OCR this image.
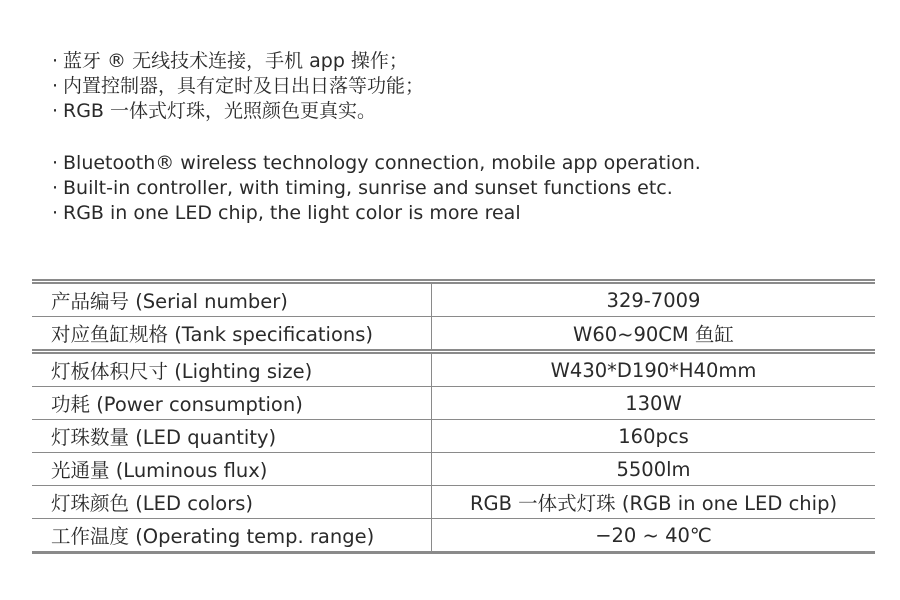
· 蓝牙 ® 无线技术连接，手机 app 操作；
· 内置控制器，具有定时及日出日落等功能；
· RGB 一体式灯珠，光照颜色更真实。
· Bluetooth® wireless technology connection, mobile app operation.
· Built-in controller, with timing, sunrise and sunset functions etc.
· RGB in one LED chip, the light color is more real
产品编号 (Serial number)	329-7009
对应鱼缸规格 (Tank specifications)	W60~90CM 鱼缸
灯板体积尺寸 (Lighting size)	W430*D190*H40mm
功耗 (Power consumption)	130W
灯珠数量 (LED quantity)	160pcs
光通量 (Luminous flux)	5500lm
灯珠颜色 (LED colors)	RGB 一体式灯珠 (RGB in one LED chip)
工作温度 (Operating temp. range)	−20 ~ 40℃
